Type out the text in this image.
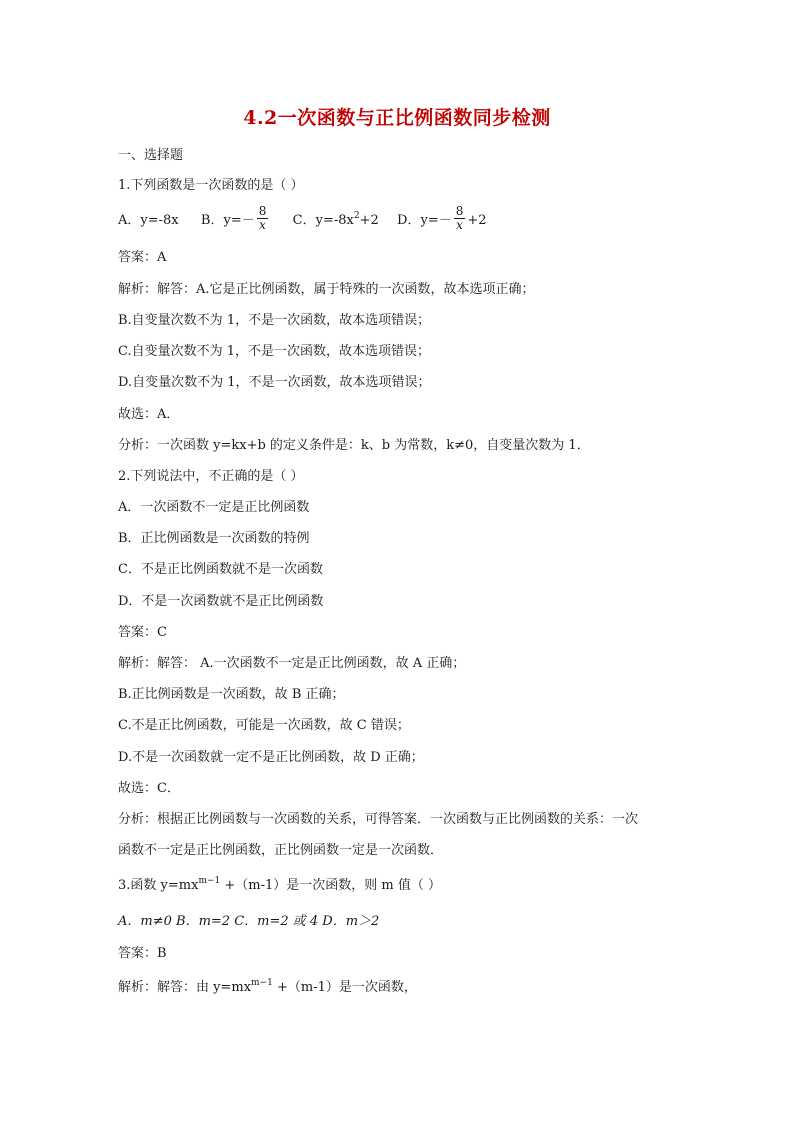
4.2一次函数与正比例函数同步检测
一、选择题
1.下列函数是一次函数的是（ ）
A．y=-8x B．$y=- \frac{8}{x}$ C．$y=-8x^2+2$ D．$y=- \frac{8}{x} +2$
答案：A
解析：解答：A.它是正比例函数，属于特殊的一次函数，故本选项正确；
B.自变量次数不为 1，不是一次函数，故本选项错误；
C.自变量次数不为 1，不是一次函数，故本选项错误；
D.自变量次数不为 1，不是一次函数，故本选项错误；
故选：A．
分析：一次函数 y=kx+b 的定义条件是：k、b 为常数，k≠0，自变量次数为 1．
2.下列说法中，不正确的是（ ）
A．一次函数不一定是正比例函数
B．正比例函数是一次函数的特例
C．不是正比例函数就不是一次函数
D．不是一次函数就不是正比例函数
答案：C
解析：解答： A.一次函数不一定是正比例函数，故 A 正确；
B.正比例函数是一次函数，故 B 正确；
C.不是正比例函数，可能是一次函数，故 C 错误；
D.不是一次函数就一定不是正比例函数，故 D 正确；
故选：C．
分析：根据正比例函数与一次函数的关系，可得答案．一次函数与正比例函数的关系：一次
函数不一定是正比例函数，正比例函数一定是一次函数．
3.函数 $y=mx^{m-1} +(m-1)$是一次函数，则 m 值（ ）
A．m≠0 B．m=2 C．m=2 或 4 D．m＞2
答案：B
解析：解答：由 $y=mx^{m-1} +(m-1)$是一次函数，
